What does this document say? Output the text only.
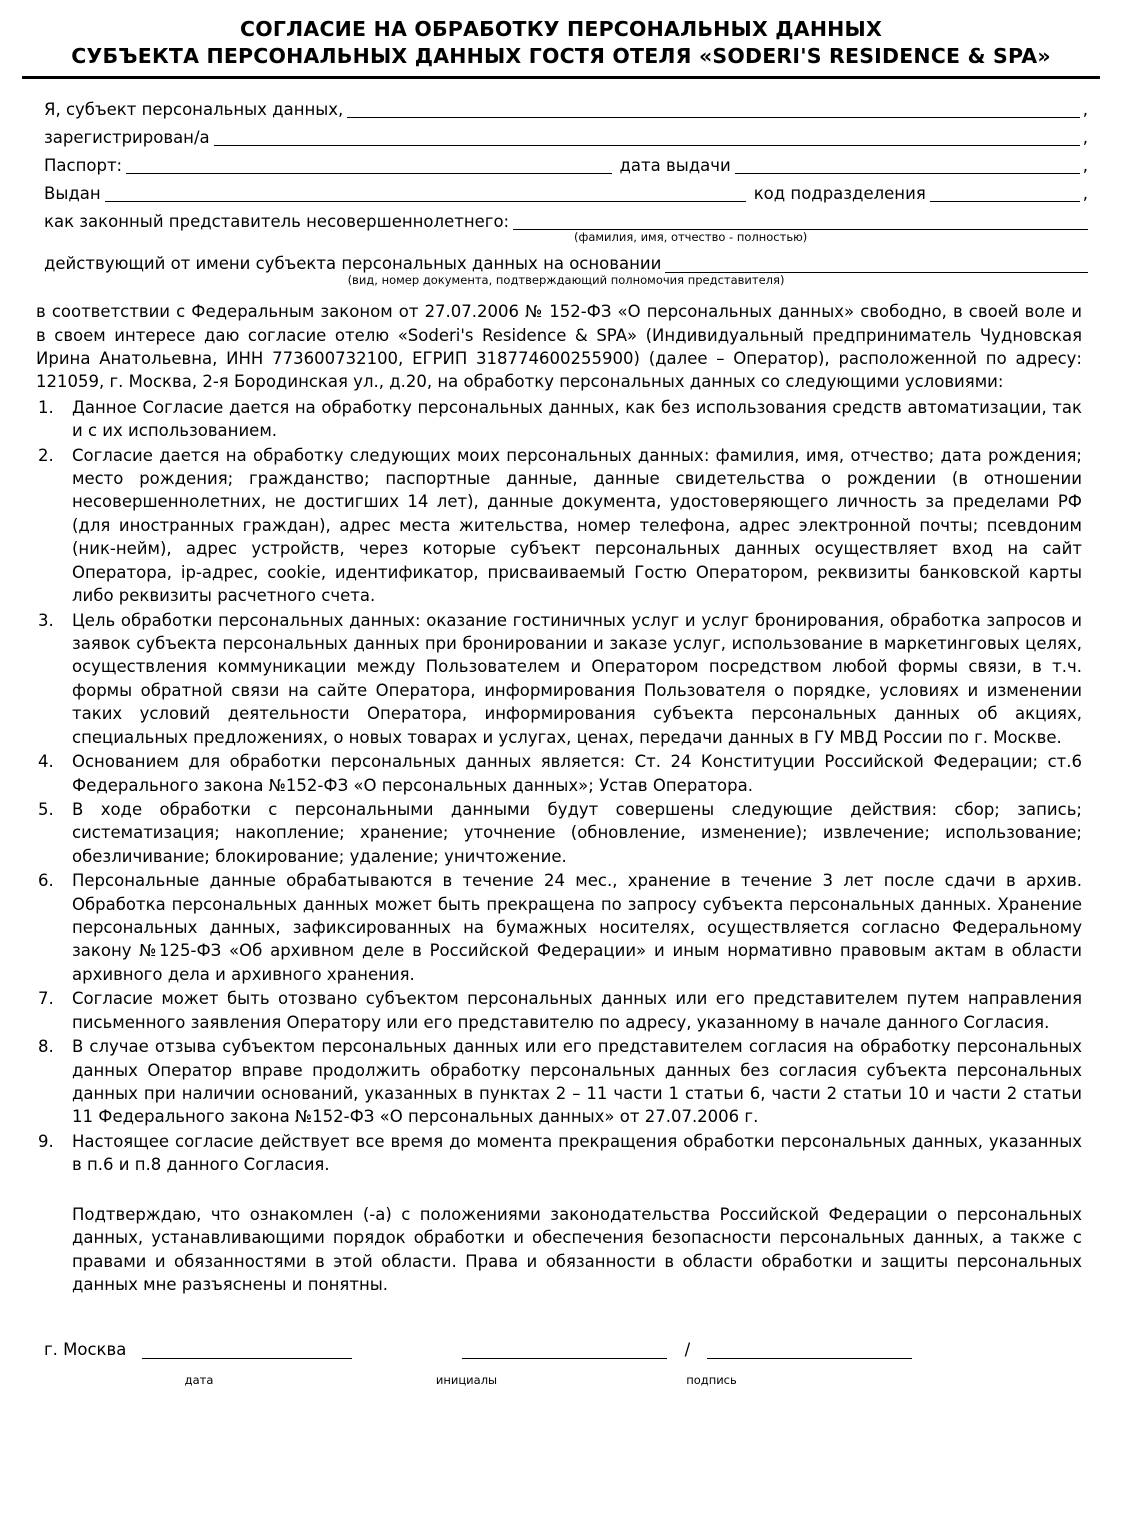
СОГЛАСИЕ НА ОБРАБОТКУ ПЕРСОНАЛЬНЫХ ДАННЫХ
СУБЪЕКТА ПЕРСОНАЛЬНЫХ ДАННЫХ ГОСТЯ ОТЕЛЯ «SODERI'S RESIDENCE & SPA»
Я, субъект персональных данных,	,
зарегистрирован/а	,
Паспорт:	дата выдачи	,
Выдан	код подразделения	,
как законный представитель несовершеннолетнего:
(фамилия, имя, отчество - полностью)
действующий от имени субъекта персональных данных на основании
(вид, номер документа, подтверждающий полномочия представителя)

в соответствии с Федеральным законом от 27.07.2006 № 152-ФЗ «О персональных данных» свободно, в своей воле и в своем интересе даю согласие отелю «Soderi's Residence & SPA» (Индивидуальный предприниматель Чудновская Ирина Анатольевна, ИНН 773600732100, ЕГРИП 318774600255900) (далее – Оператор), расположенной по адресу: 121059, г. Москва, 2-я Бородинская ул., д.20, на обработку персональных данных со следующими условиями:

Данное Согласие дается на обработку персональных данных, как без использования средств автоматизации, так и с их использованием.
Согласие дается на обработку следующих моих персональных данных: фамилия, имя, отчество; дата рождения; место рождения; гражданство; паспортные данные, данные свидетельства о рождении (в отношении несовершеннолетних, не достигших 14 лет), данные документа, удостоверяющего личность за пределами РФ (для иностранных граждан), адрес места жительства, номер телефона, адрес электронной почты; псевдоним (ник-нейм), адрес устройств, через которые субъект персональных данных осуществляет вход на сайт Оператора, ip-адрес, cookie, идентификатор, присваиваемый Гостю Оператором, реквизиты банковской карты либо реквизиты расчетного счета.
Цель обработки персональных данных: оказание гостиничных услуг и услуг бронирования, обработка запросов и заявок субъекта персональных данных при бронировании и заказе услуг, использование в маркетинговых целях, осуществления коммуникации между Пользователем и Оператором посредством любой формы связи, в т.ч. формы обратной связи на сайте Оператора, информирования Пользователя о порядке, условиях и изменении таких условий деятельности Оператора, информирования субъекта персональных данных об акциях, специальных предложениях, о новых товарах и услугах, ценах, передачи данных в ГУ МВД России по г. Москве.
Основанием для обработки персональных данных является: Ст. 24 Конституции Российской Федерации; ст.6 Федерального закона №152-ФЗ «О персональных данных»; Устав Оператора.
В ходе обработки с персональными данными будут совершены следующие действия: сбор; запись; систематизация; накопление; хранение; уточнение (обновление, изменение); извлечение; использование; обезличивание; блокирование; удаление; уничтожение.
Персональные данные обрабатываются в течение 24 мес., хранение в течение 3 лет после сдачи в архив. Обработка персональных данных может быть прекращена по запросу субъекта персональных данных. Хранение персональных данных, зафиксированных на бумажных носителях, осуществляется согласно Федеральному закону №125-ФЗ «Об архивном деле в Российской Федерации» и иным нормативно правовым актам в области архивного дела и архивного хранения.
Согласие может быть отозвано субъектом персональных данных или его представителем путем направления письменного заявления Оператору или его представителю по адресу, указанному в начале данного Согласия.
В случае отзыва субъектом персональных данных или его представителем согласия на обработку персональных данных Оператор вправе продолжить обработку персональных данных без согласия субъекта персональных данных при наличии оснований, указанных в пунктах 2 – 11 части 1 статьи 6, части 2 статьи 10 и части 2 статьи 11 Федерального закона №152-ФЗ «О персональных данных» от 27.07.2006 г.
Настоящее согласие действует все время до момента прекращения обработки персональных данных, указанных в п.6 и п.8 данного Согласия.

Подтверждаю, что ознакомлен (-а) с положениями законодательства Российской Федерации о персональных данных, устанавливающими порядок обработки и обеспечения безопасности персональных данных, а также с правами и обязанностями в этой области. Права и обязанности в области обработки и защиты персональных данных мне разъяснены и понятны.

г. Москва	/
дата	инициалы	подпись
